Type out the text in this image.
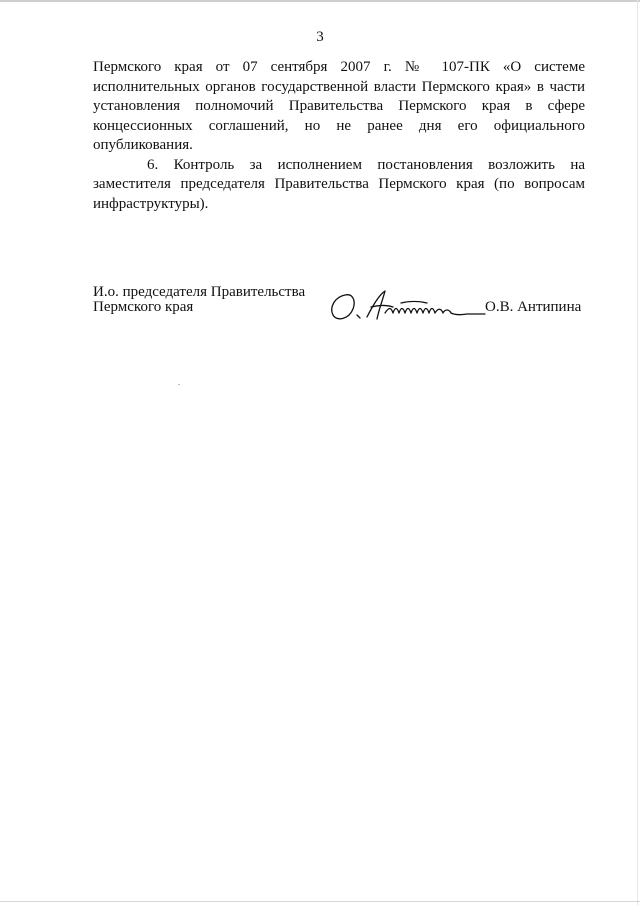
3

Пермского края от 07 сентября 2007 г. № 107-ПК «О системе исполнительных органов государственной власти Пермского края» в части установления полномочий Правительства Пермского края в сфере концессионных соглашений, но не ранее дня его официального опубликования.

6. Контроль за исполнением постановления возложить на заместителя председателя Правительства Пермского края (по вопросам инфраструктуры).

И.о. председателя Правительства
Пермского края	О.В. Антипина
